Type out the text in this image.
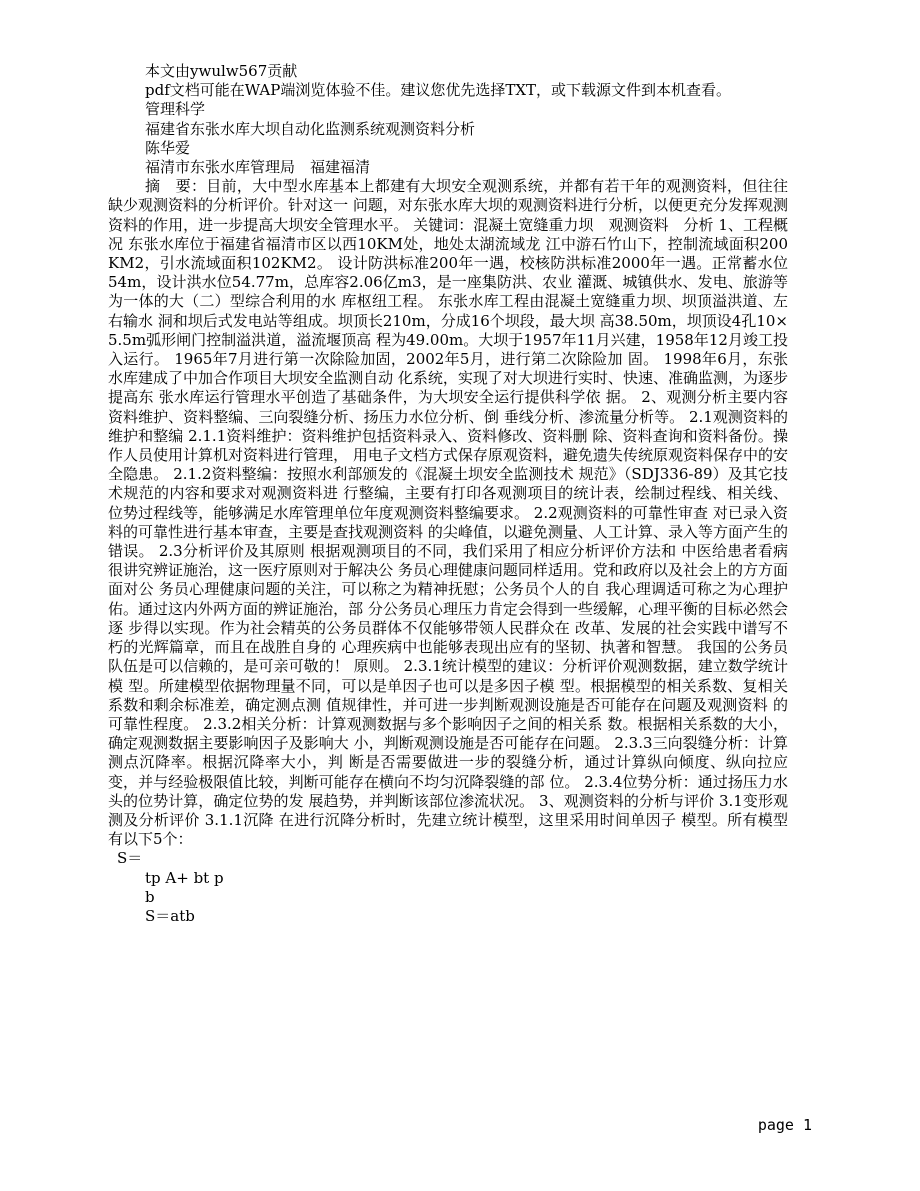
本文由ywulw567贡献
pdf文档可能在WAP端浏览体验不佳。建议您优先选择TXT，或下载源文件到本机查看。
管理科学
福建省东张水库大坝自动化监测系统观测资料分析
陈华爱
福清市东张水库管理局　福建福清

摘　要：目前，大中型水库基本上都建有大坝安全观测系统，并都有若干年的观测资料，但往往缺少观测资料的分析评价。针对这一 问题，对东张水库大坝的观测资料进行分析，以便更充分发挥观测资料的作用，进一步提高大坝安全管理水平。 关键词：混凝土宽缝重力坝　观测资料　分析 1、工程概况 东张水库位于福建省福清市区以西10KM处，地处太湖流域龙 江中游石竹山下，控制流域面积200KM2，引水流域面积102KM2。 设计防洪标准200年一遇，校核防洪标准2000年一遇。正常蓄水位 54m，设计洪水位54.77m，总库容2.06亿m3，是一座集防洪、农业 灌溉、城镇供水、发电、旅游等为一体的大（二）型综合利用的水 库枢纽工程。 东张水库工程由混凝土宽缝重力坝、坝顶溢洪道、左右输水 洞和坝后式发电站等组成。坝顶长210m，分成16个坝段，最大坝 高38.50m，坝顶设4孔10×5.5m弧形闸门控制溢洪道，溢流堰顶高 程为49.00m。大坝于1957年11月兴建，1958年12月竣工投入运行。 1965年7月进行第一次除险加固，2002年5月，进行第二次除险加 固。 1998年6月，东张水库建成了中加合作项目大坝安全监测自动 化系统，实现了对大坝进行实时、快速、准确监测，为逐步提高东 张水库运行管理水平创造了基础条件，为大坝安全运行提供科学依 据。 2、观测分析主要内容 资料维护、资料整编、三向裂缝分析、扬压力水位分析、倒 垂线分析、渗流量分析等。 2.1观测资料的维护和整编 2.1.1资料维护：资料维护包括资料录入、资料修改、资料删 除、资料查询和资料备份。操作人员使用计算机对资料进行管理， 用电子文档方式保存原观资料，避免遗失传统原观资料保存中的安 全隐患。 2.1.2资料整编：按照水利部颁发的《混凝土坝安全监测技术 规范》（SDJ336-89）及其它技术规范的内容和要求对观测资料进 行整编，主要有打印各观测项目的统计表，绘制过程线、相关线、 位势过程线等，能够满足水库管理单位年度观测资料整编要求。 2.2观测资料的可靠性审查 对已录入资料的可靠性进行基本审查，主要是查找观测资料 的尖峰值，以避免测量、人工计算、录入等方面产生的错误。 2.3分析评价及其原则 根据观测项目的不同，我们采用了相应分析评价方法和 中医给患者看病很讲究辨证施治，这一医疗原则对于解决公 务员心理健康问题同样适用。党和政府以及社会上的方方面面对公 务员心理健康问题的关注，可以称之为精神抚慰；公务员个人的自 我心理调适可称之为心理护佑。通过这内外两方面的辨证施治，部 分公务员心理压力肯定会得到一些缓解，心理平衡的目标必然会逐 步得以实现。作为社会精英的公务员群体不仅能够带领人民群众在 改革、发展的社会实践中谱写不朽的光辉篇章，而且在战胜自身的 心理疾病中也能够表现出应有的坚韧、执著和智慧。 我国的公务员队伍是可以信赖的，是可亲可敬的！ 原则。 2.3.1统计模型的建议：分析评价观测数据，建立数学统计模 型。所建模型依据物理量不同，可以是单因子也可以是多因子模 型。根据模型的相关系数、复相关系数和剩余标准差，确定测点测 值规律性，并可进一步判断观测设施是否可能存在问题及观测资料 的可靠性程度。 2.3.2相关分析：计算观测数据与多个影响因子之间的相关系 数。根据相关系数的大小，确定观测数据主要影响因子及影响大 小，判断观测设施是否可能存在问题。 2.3.3三向裂缝分析：计算测点沉降率。根据沉降率大小，判 断是否需要做进一步的裂缝分析，通过计算纵向倾度、纵向拉应 变，并与经验极限值比较，判断可能存在横向不均匀沉降裂缝的部 位。 2.3.4位势分析：通过扬压力水头的位势计算，确定位势的发 展趋势，并判断该部位渗流状况。 3、观测资料的分析与评价 3.1变形观测及分析评价 3.1.1沉降 在进行沉降分析时，先建立统计模型，这里采用时间单因子 模型。所有模型有以下5个：

S＝
tp A+ bt p
b
S＝atb
page 1
